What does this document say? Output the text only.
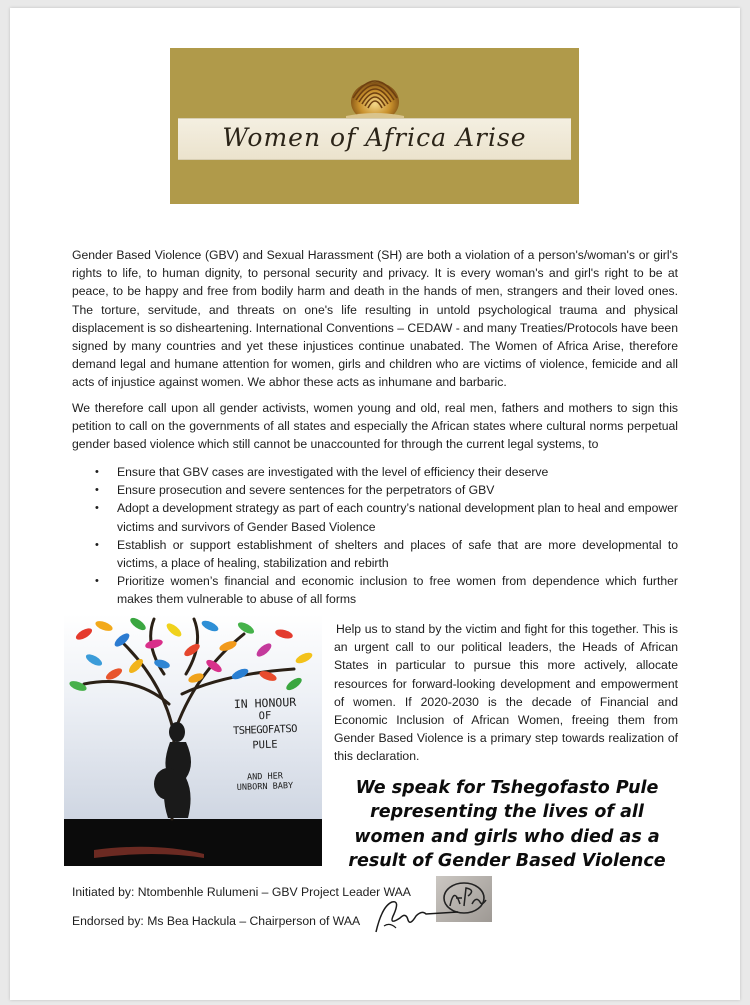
Women of Africa Arise

Gender Based Violence (GBV) and Sexual Harassment (SH) are both a violation of a person's/woman's or girl's rights to life, to human dignity, to personal security and privacy. It is every woman's and girl's right to be at peace, to be happy and free from bodily harm and death in the hands of men, strangers and their loved ones. The torture, servitude, and threats on one's life resulting in untold psychological trauma and physical displacement is so disheartening. International Conventions – CEDAW - and many Treaties/Protocols have been signed by many countries and yet these injustices continue unabated. The Women of Africa Arise, therefore demand legal and humane attention for women, girls and children who are victims of violence, femicide and all acts of injustice against women. We abhor these acts as inhumane and barbaric.

We therefore call upon all gender activists, women young and old, real men, fathers and mothers to sign this petition to call on the governments of all states and especially the African states where cultural norms perpetual gender based violence which still cannot be unaccounted for through the current legal systems, to

• Ensure that GBV cases are investigated with the level of efficiency their deserve
• Ensure prosecution and severe sentences for the perpetrators of GBV
• Adopt a development strategy as part of each country’s national development plan to heal and empower victims and survivors of Gender Based Violence
• Establish or support establishment of shelters and places of safe that are more developmental to victims, a place of healing, stabilization and rebirth
• Prioritize women’s financial and economic inclusion to free women from dependence which further makes them vulnerable to abuse of all forms
IN HONOUR
OF
TSHEGOFATSO
PULE
AND HER
UNBORN BABY

Help us to stand by the victim and fight for this together. This is an urgent call to our political leaders, the Heads of African States in particular to pursue this more actively, allocate resources for forward-looking development and empowerment of women. If 2020-2030 is the decade of Financial and Economic Inclusion of African Women, freeing them from Gender Based Violence is a primary step towards realization of this declaration.

We speak for Tshegofasto Pule
representing the lives of all
women and girls who died as a
result of Gender Based Violence

Initiated by: Ntombenhle Rulumeni – GBV Project Leader WAA
Endorsed by: Ms Bea Hackula – Chairperson of WAA
